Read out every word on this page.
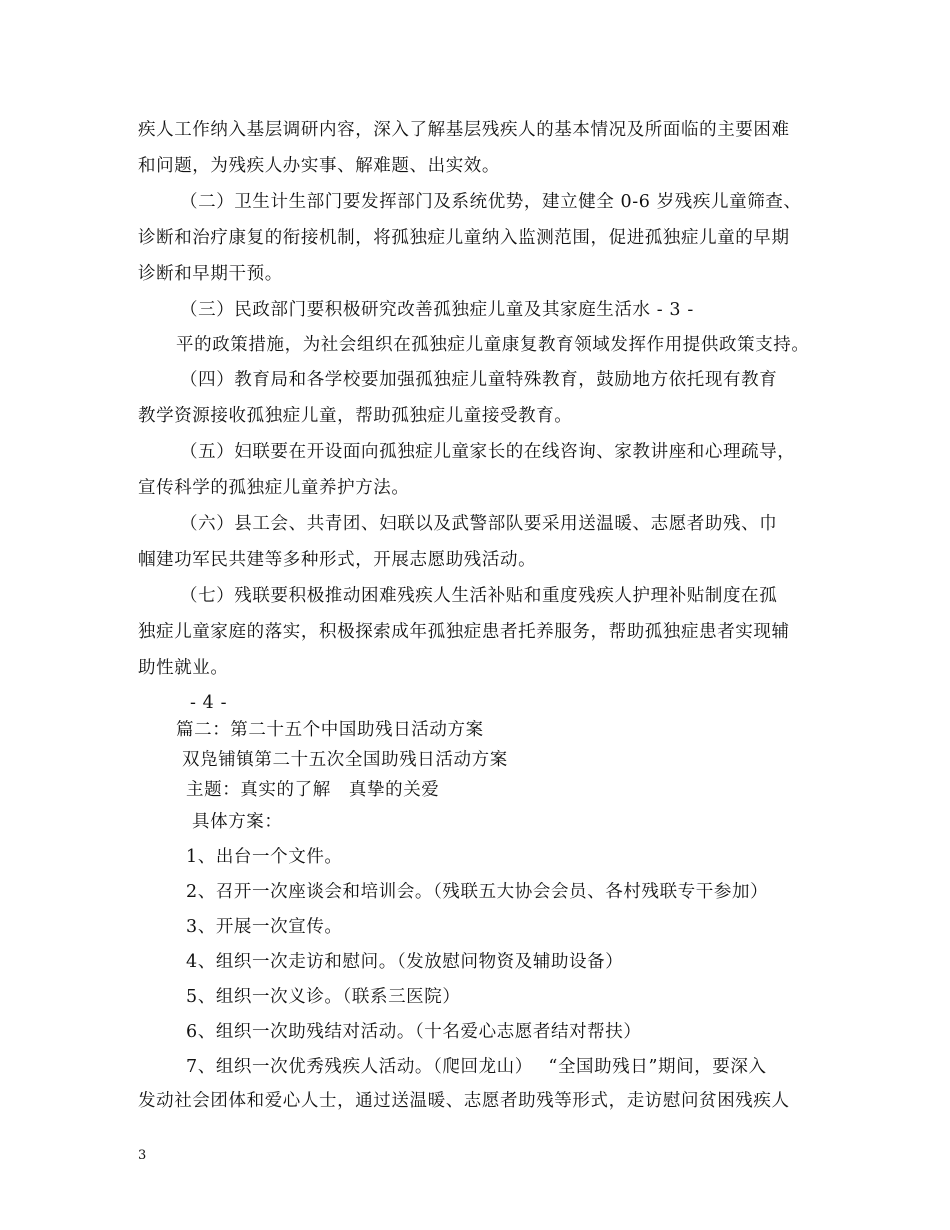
疾人工作纳入基层调研内容，深入了解基层残疾人的基本情况及所面临的主要困难
和问题，为残疾人办实事、解难题、出实效。
（二）卫生计生部门要发挥部门及系统优势，建立健全 0-6 岁残疾儿童筛查、
诊断和治疗康复的衔接机制，将孤独症儿童纳入监测范围，促进孤独症儿童的早期
诊断和早期干预。
（三）民政部门要积极研究改善孤独症儿童及其家庭生活水 - 3 -
平的政策措施，为社会组织在孤独症儿童康复教育领域发挥作用提供政策支持。
（四）教育局和各学校要加强孤独症儿童特殊教育，鼓励地方依托现有教育
教学资源接收孤独症儿童，帮助孤独症儿童接受教育。
（五）妇联要在开设面向孤独症儿童家长的在线咨询、家教讲座和心理疏导，
宣传科学的孤独症儿童养护方法。
（六）县工会、共青团、妇联以及武警部队要采用送温暖、志愿者助残、巾
帼建功军民共建等多种形式，开展志愿助残活动。
（七）残联要积极推动困难残疾人生活补贴和重度残疾人护理补贴制度在孤
独症儿童家庭的落实，积极探索成年孤独症患者托养服务，帮助孤独症患者实现辅
助性就业。
- 4 -
篇二：第二十五个中国助残日活动方案
双凫铺镇第二十五次全国助残日活动方案
主题：真实的了解　真挚的关爱
具体方案：
1、出台一个文件。
2、召开一次座谈会和培训会。（残联五大协会会员、各村残联专干参加）
3、开展一次宣传。
4、组织一次走访和慰问。（发放慰问物资及辅助设备）
5、组织一次义诊。（联系三医院）
6、组织一次助残结对活动。（十名爱心志愿者结对帮扶）
7、组织一次优秀残疾人活动。（爬回龙山）　 “全国助残日”期间，要深入
发动社会团体和爱心人士，通过送温暖、志愿者助残等形式，走访慰问贫困残疾人
3
